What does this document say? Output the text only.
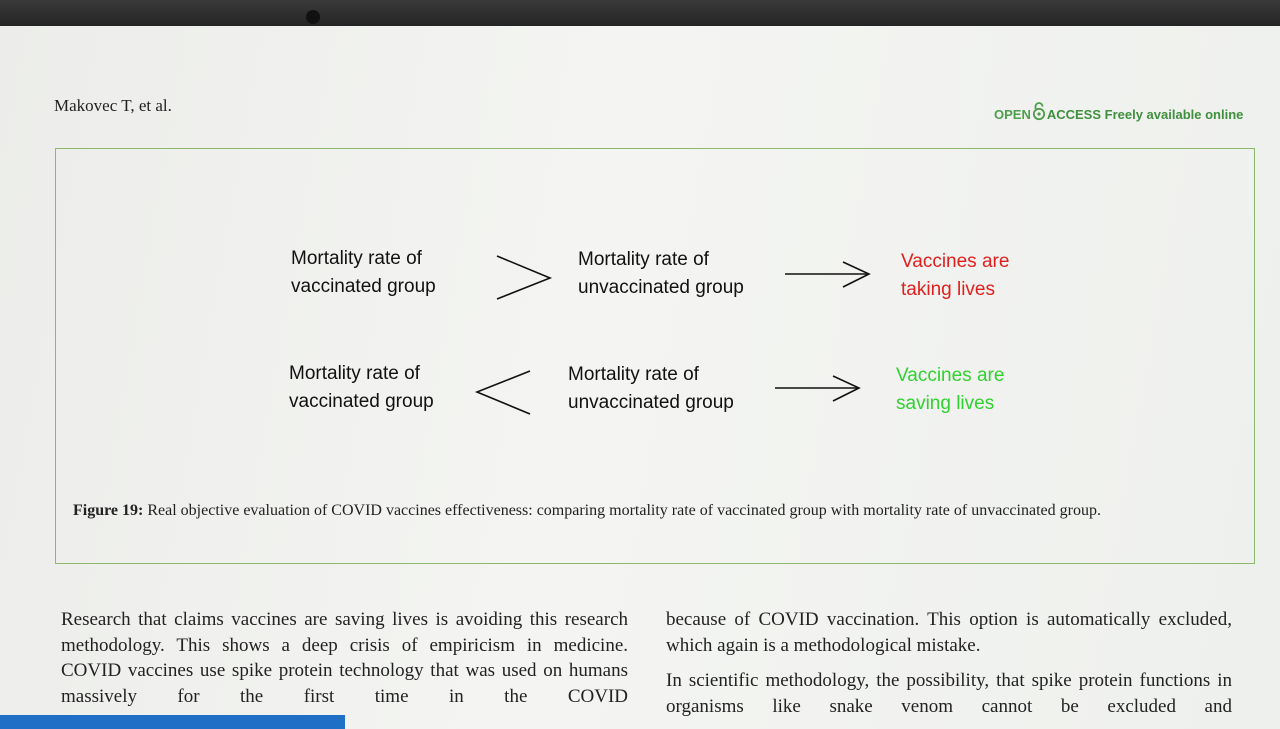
Makovec T, et al.	OPEN ACCESS Freely available online
Mortality rate of
vaccinated group
Mortality rate of
unvaccinated group
Vaccines are
taking lives
Mortality rate of
vaccinated group
Mortality rate of
unvaccinated group
Vaccines are
saving lives
Figure 19: Real objective evaluation of COVID vaccines effectiveness: comparing mortality rate of vaccinated group with mortality rate of unvaccinated group.

Research that claims vaccines are saving lives is avoiding this research methodology. This shows a deep crisis of empiricism in medicine. COVID vaccines use spike protein technology that was used on humans massively for the first time in the COVID

because of COVID vaccination. This option is automatically excluded, which again is a methodological mistake.

In scientific methodology, the possibility, that spike protein functions in organisms like snake venom cannot be excluded and
